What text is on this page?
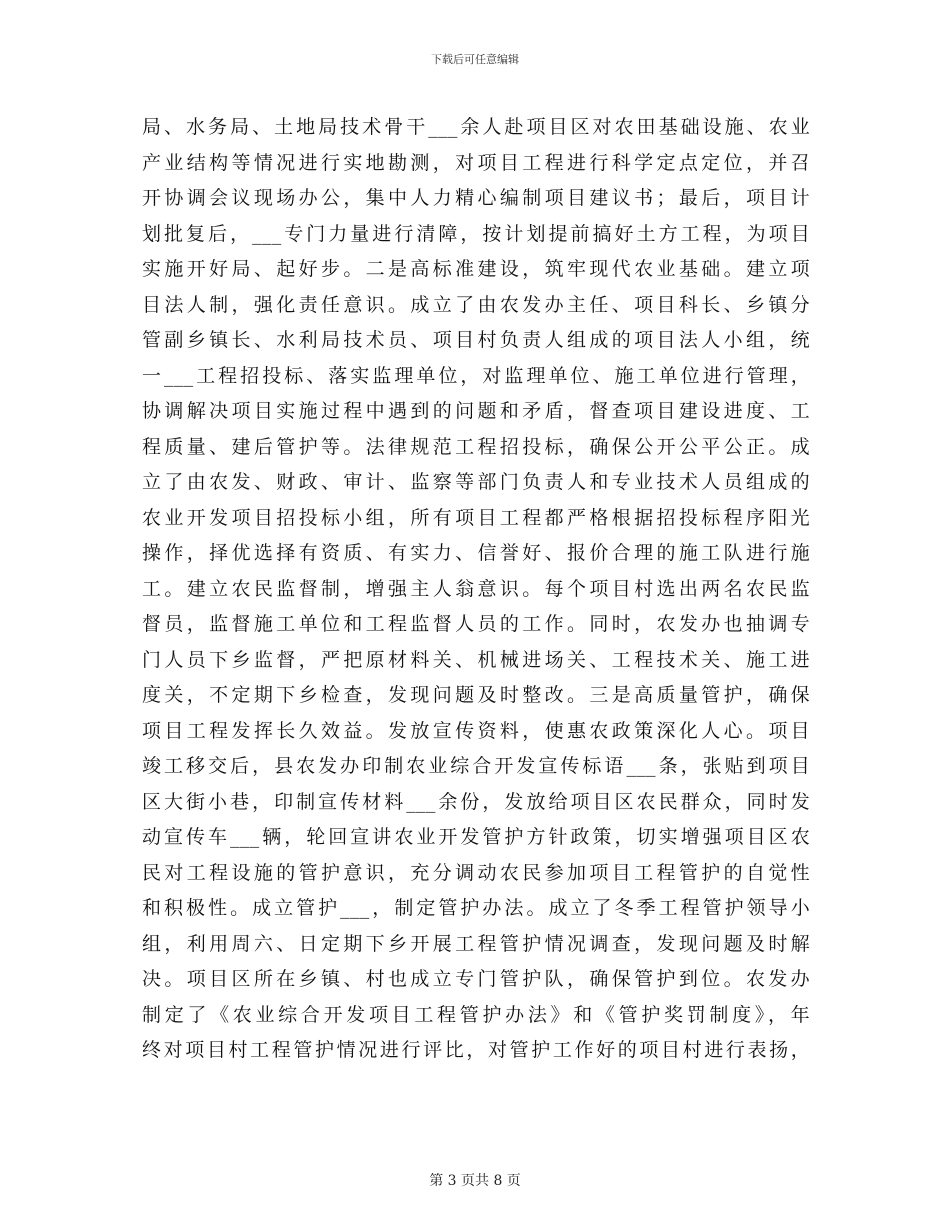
下载后可任意编辑
局、水务局、土地局技术骨干___余人赴项目区对农田基础设施、农业
产业结构等情况进行实地勘测，对项目工程进行科学定点定位，并召
开协调会议现场办公，集中人力精心编制项目建议书；最后，项目计
划批复后，___专门力量进行清障，按计划提前搞好土方工程，为项目
实施开好局、起好步。二是高标准建设，筑牢现代农业基础。建立项
目法人制，强化责任意识。成立了由农发办主任、项目科长、乡镇分
管副乡镇长、水利局技术员、项目村负责人组成的项目法人小组，统
一___工程招投标、落实监理单位，对监理单位、施工单位进行管理，
协调解决项目实施过程中遇到的问题和矛盾，督查项目建设进度、工
程质量、建后管护等。法律规范工程招投标，确保公开公平公正。成
立了由农发、财政、审计、监察等部门负责人和专业技术人员组成的
农业开发项目招投标小组，所有项目工程都严格根据招投标程序阳光
操作，择优选择有资质、有实力、信誉好、报价合理的施工队进行施
工。建立农民监督制，增强主人翁意识。每个项目村选出两名农民监
督员，监督施工单位和工程监督人员的工作。同时，农发办也抽调专
门人员下乡监督，严把原材料关、机械进场关、工程技术关、施工进
度关，不定期下乡检查，发现问题及时整改。三是高质量管护，确保
项目工程发挥长久效益。发放宣传资料，使惠农政策深化人心。项目
竣工移交后，县农发办印制农业综合开发宣传标语___条，张贴到项目
区大街小巷，印制宣传材料___余份，发放给项目区农民群众，同时发
动宣传车___辆，轮回宣讲农业开发管护方针政策，切实增强项目区农
民对工程设施的管护意识，充分调动农民参加项目工程管护的自觉性
和积极性。成立管护___，制定管护办法。成立了冬季工程管护领导小
组，利用周六、日定期下乡开展工程管护情况调查，发现问题及时解
决。项目区所在乡镇、村也成立专门管护队，确保管护到位。农发办
制定了《农业综合开发项目工程管护办法》和《管护奖罚制度》，年
终对项目村工程管护情况进行评比，对管护工作好的项目村进行表扬，
第 3 页共 8 页
